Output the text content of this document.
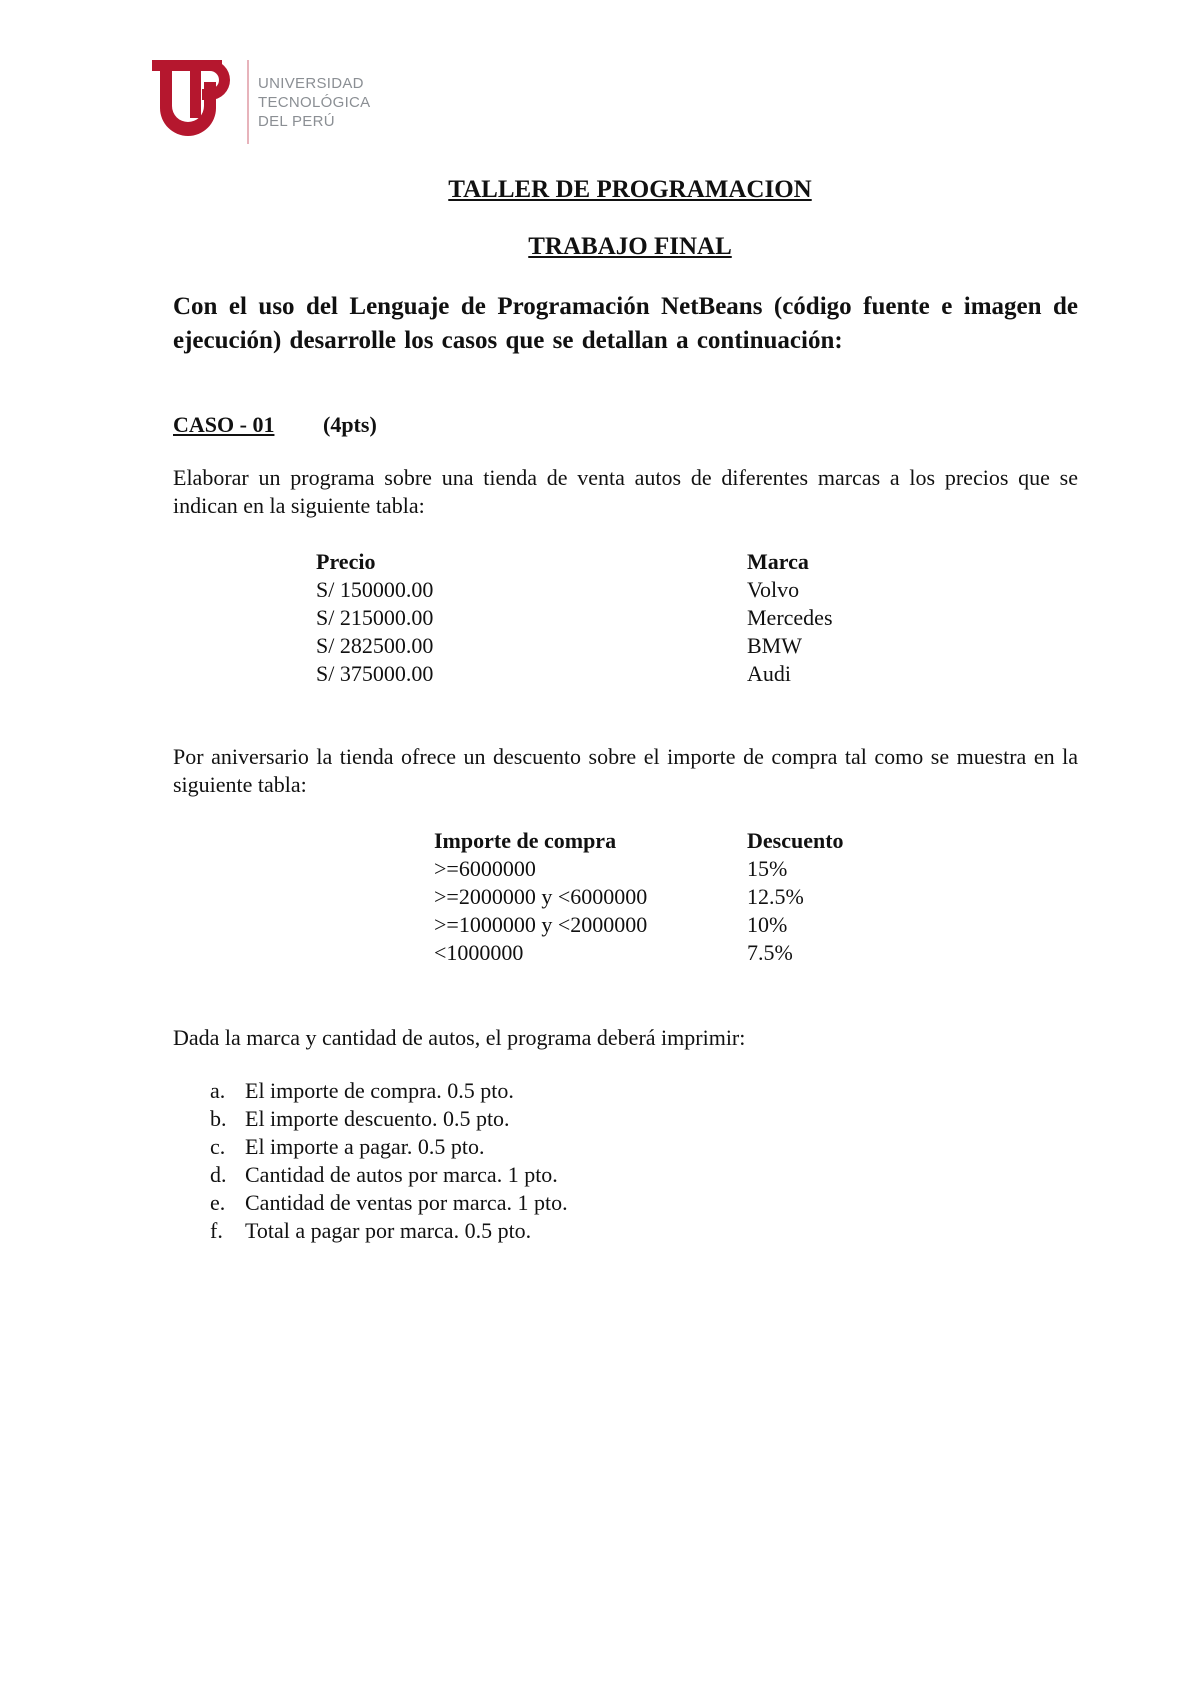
UNIVERSIDAD
TECNOLÓGICA
DEL PERÚ
TALLER DE PROGRAMACION
TRABAJO FINAL
Con el uso del Lenguaje de Programación NetBeans (código fuente e imagen de ejecución) desarrolle los casos que se detallan a continuación:
CASO - 01 (4pts)
Elaborar un programa sobre una tienda de venta autos de diferentes marcas a los precios que se indican en la siguiente tabla:
Precio
S/ 150000.00
S/ 215000.00
S/ 282500.00
S/ 375000.00
Marca
Volvo
Mercedes
BMW
Audi
Por aniversario la tienda ofrece un descuento sobre el importe de compra tal como se muestra en la siguiente tabla:
Importe de compra
>=6000000
>=2000000 y <6000000
>=1000000 y <2000000
<1000000
Descuento
15%
12.5%
10%
7.5%
Dada la marca y cantidad de autos, el programa deberá imprimir:
a. El importe de compra. 0.5 pto.
b. El importe descuento. 0.5 pto.
c. El importe a pagar. 0.5 pto.
d. Cantidad de autos por marca. 1 pto.
e. Cantidad de ventas por marca. 1 pto.
f. Total a pagar por marca. 0.5 pto.
